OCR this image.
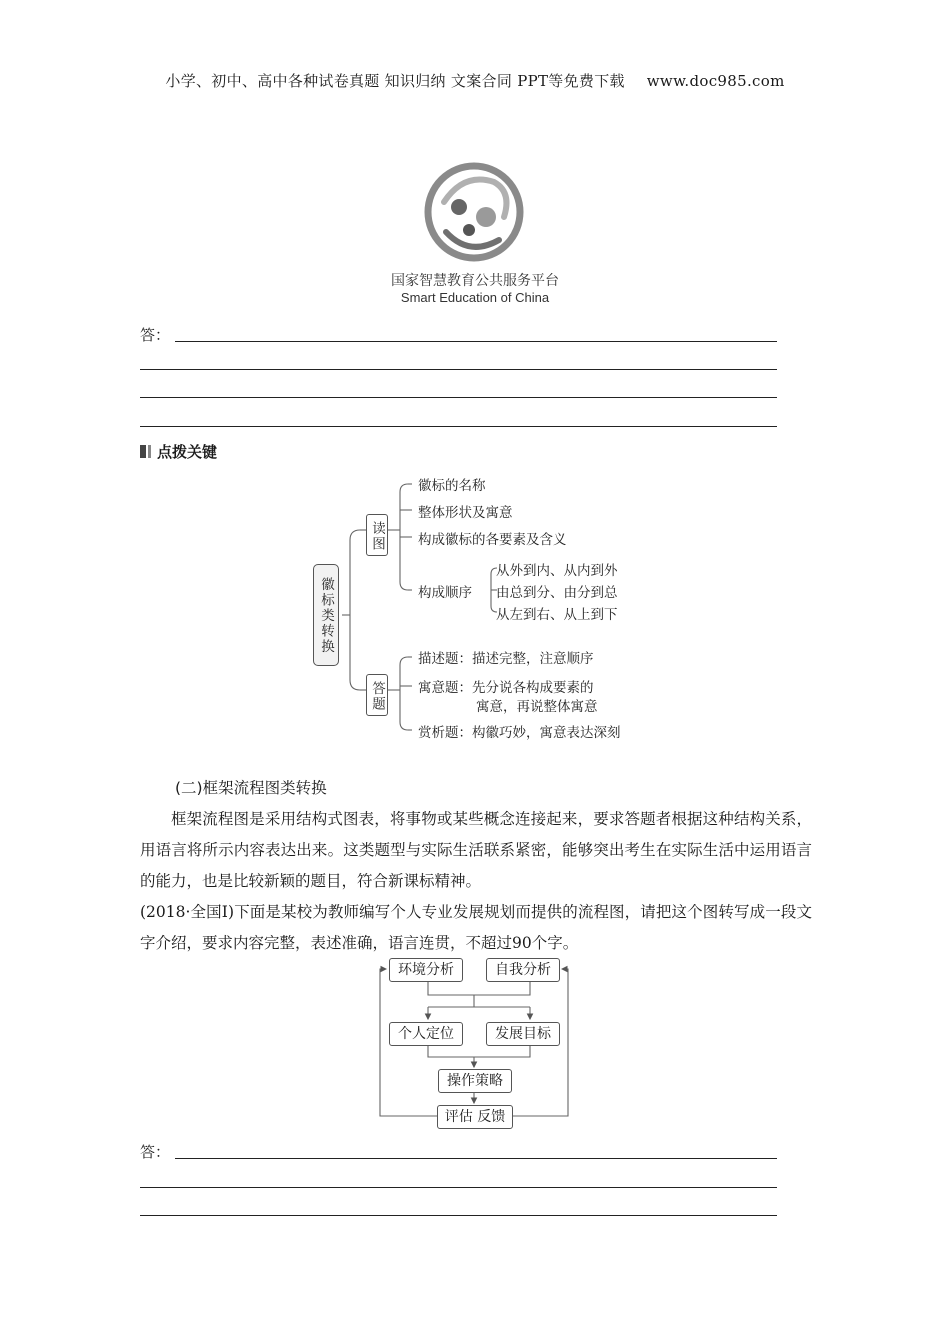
小学、初中、高中各种试卷真题 知识归纳 文案合同 PPT等免费下载 www.doc985.com
国家智慧教育公共服务平台
Smart Education of China
答：
点拨关键
徽标类转换
读图
答题
徽标的名称
整体形状及寓意
构成徽标的各要素及含义
构成顺序
从外到内、从内到外
由总到分、由分到总
从左到右、从上到下
描述题：描述完整，注意顺序
寓意题：先分说各构成要素的
寓意，再说整体寓意
赏析题：构徽巧妙，寓意表达深刻
(二)框架流程图类转换
框架流程图是采用结构式图表，将事物或某些概念连接起来，要求答题者根据这种结构关系，用语言将所示内容表达出来。这类题型与实际生活联系紧密，能够突出考生在实际生活中运用语言的能力，也是比较新颖的题目，符合新课标精神。
(2018·全国Ⅰ)下面是某校为教师编写个人专业发展规划而提供的流程图，请把这个图转写成一段文字介绍，要求内容完整，表述准确，语言连贯，不超过90个字。
环境分析	自我分析
个人定位	发展目标
操作策略
评估 反馈
答：
